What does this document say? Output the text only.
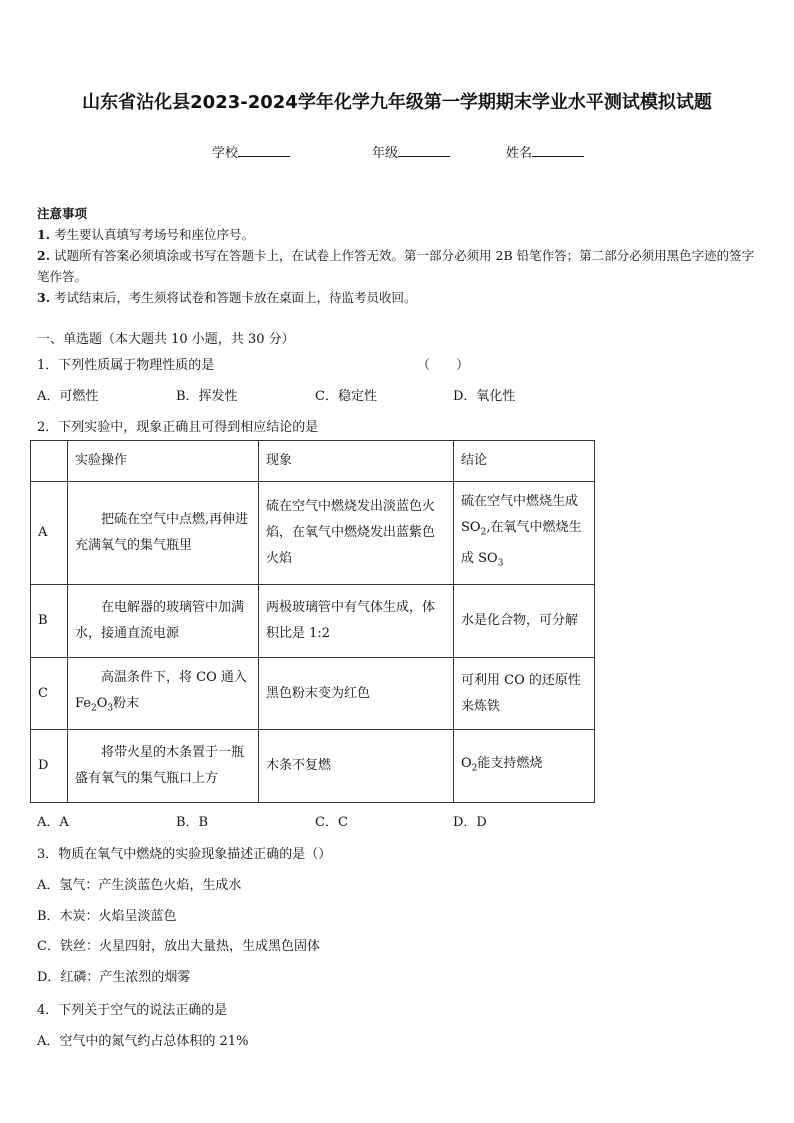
山东省沾化县2023-2024学年化学九年级第一学期期末学业水平测试模拟试题
学校	年级	姓名
注意事项
1. 考生要认真填写考场号和座位序号。
2. 试题所有答案必须填涂或书写在答题卡上，在试卷上作答无效。第一部分必须用 2B 铅笔作答；第二部分必须用黑色字迹的签字笔作答。
3. 考试结束后，考生须将试卷和答题卡放在桌面上，待监考员收回。
一、单选题（本大题共 10 小题，共 30 分）
1．下列性质属于物理性质的是	（　　）
A．可燃性	B．挥发性	C．稳定性	D．氧化性
2．下列实验中，现象正确且可得到相应结论的是
	实验操作	现象	结论
A	把硫在空气中点燃,再伸进充满氧气的集气瓶里	硫在空气中燃烧发出淡蓝色火焰，在氧气中燃烧发出蓝紫色火焰	硫在空气中燃烧生成 $SO_2$,在氧气中燃烧生成 $SO_3$
B	在电解器的玻璃管中加满水，接通直流电源	两极玻璃管中有气体生成，体积比是 1:2	水是化合物，可分解
C	高温条件下，将 CO 通入 $Fe_2O_3$粉末	黑色粉末变为红色	可利用 CO 的还原性来炼铁
D	将带火星的木条置于一瓶盛有氧气的集气瓶口上方	木条不复燃	$O_2$能支持燃烧
A．A	B．B	C．C	D．D
3．物质在氧气中燃烧的实验现象描述正确的是（）
A．氢气：产生淡蓝色火焰，生成水
B．木炭：火焰呈淡蓝色
C．铁丝：火星四射，放出大量热，生成黑色固体
D．红磷：产生浓烈的烟雾
4．下列关于空气的说法正确的是
A．空气中的氮气约占总体积的 21%
